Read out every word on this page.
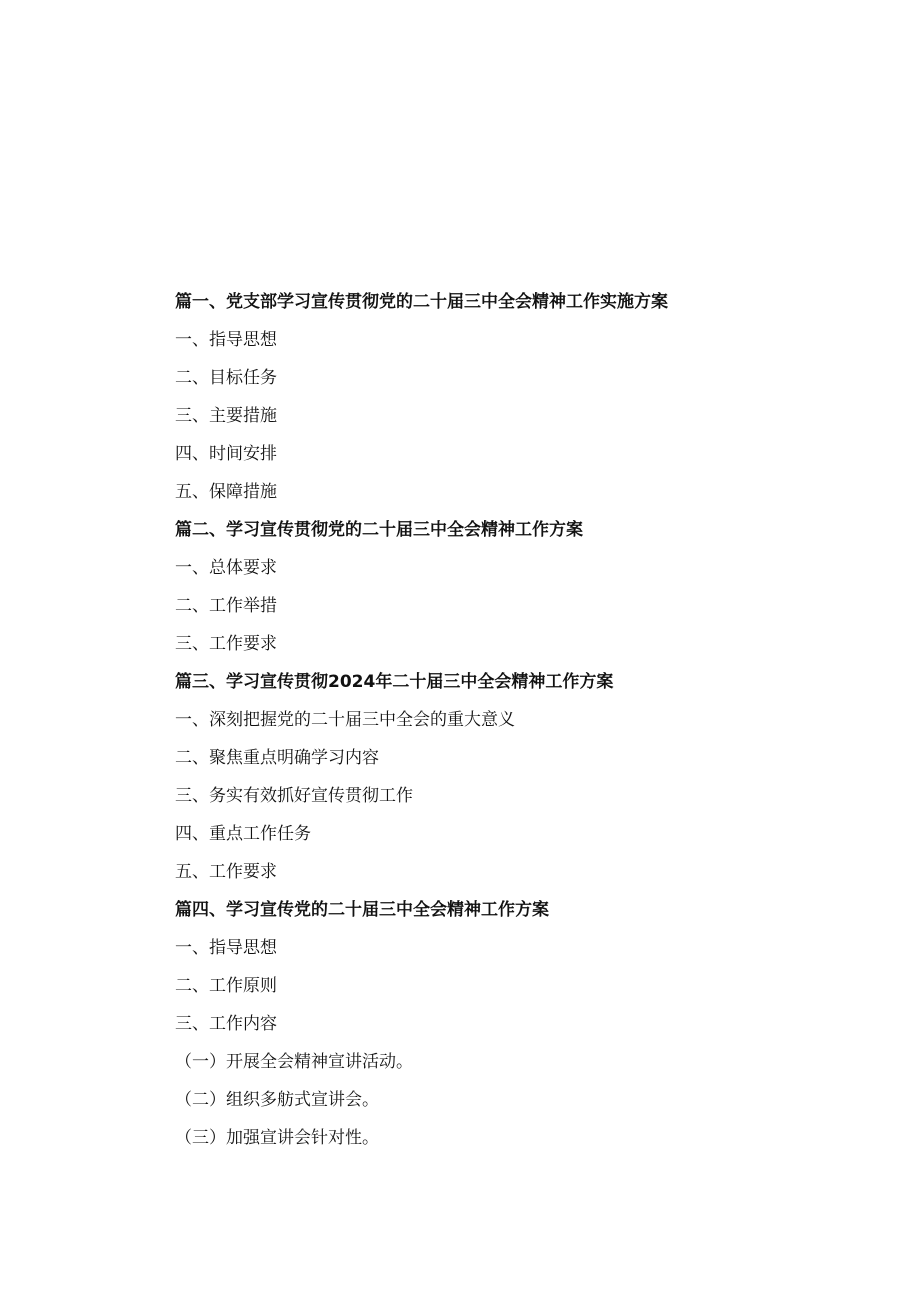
篇一、党支部学习宣传贯彻党的二十届三中全会精神工作实施方案
一、指导思想
二、目标任务
三、主要措施
四、时间安排
五、保障措施
篇二、学习宣传贯彻党的二十届三中全会精神工作方案
一、总体要求
二、工作举措
三、工作要求
篇三、学习宣传贯彻2024年二十届三中全会精神工作方案
一、深刻把握党的二十届三中全会的重大意义
二、聚焦重点明确学习内容
三、务实有效抓好宣传贯彻工作
四、重点工作任务
五、工作要求
篇四、学习宣传党的二十届三中全会精神工作方案
一、指导思想
二、工作原则
三、工作内容
（一）开展全会精神宣讲活动。
（二）组织多舫式宣讲会。
（三）加强宣讲会针对性。
